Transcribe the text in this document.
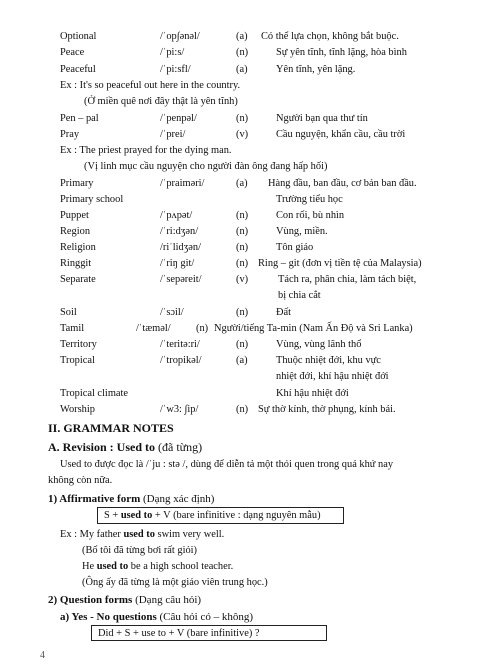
Optional	/ˈop∫ənəl/	(a) Có thể lựa chọn, không bắt buộc.
Peace	/ˈpi:s/	(n)	Sự yên tĩnh, tĩnh lặng, hòa bình
Peaceful	/ˈpi:sfl/	(a)	Yên tĩnh, yên lặng.
Ex : It's so peaceful out here in the country.
(Ở miền quê nơi đây thật là yên tĩnh)
Pen – pal	/ˈpenpəl/	(n)	Người bạn qua thư tín
Pray	/ˈprei/	(v)	Cầu nguyện, khẩn cầu, cầu trời
Ex : The priest prayed for the dying man.
(Vị linh mục cầu nguyện cho người đàn ông đang hấp hối)
Primary	/ˈpraiməri/	(a) Hàng đầu, ban đầu, cơ bản ban đầu.
Primary school	Trường tiểu học
Puppet	/ˈpʌpət/	(n)	Con rối, bù nhìn
Region	/ˈri:dʒən/	(n)	Vùng, miền.
Religion	/riˈlidʒən/	(n)	Tôn giáo
Ringgit	/ˈriŋ git/	(n) Ring – git (đơn vị tiền tệ của Malaysia)
Separate	/ˈsepəreit/	(v)	Tách ra, phân chia, làm tách biệt,
bị chia cắt
Soil	/ˈsɔil/	(n)	Đất
Tamil	/ˈtæməl/ (n) Người/tiếng Ta-min (Nam Ấn Độ và Sri Lanka)
Territory	/ˈteritə:ri/	(n)	Vùng, vùng lãnh thổ
Tropical	/ˈtropikəl/	(a)	Thuộc nhiệt đới, khu vực
nhiệt đới, khí hậu nhiệt đới
Tropical climate	Khí hậu nhiệt đới
Worship	/ˈw3: ∫ip/	(n) Sự thờ kính, thờ phụng, kính bái.
II. GRAMMAR NOTES
A. Revision : Used to (đã từng)
Used to được đọc là /ˈju : stə /, dùng để diễn tả một thói quen trong quá khứ nay
không còn nữa.
1) Affirmative form (Dạng xác định)
S + used to + V (bare infinitive : dạng nguyên mẫu)
Ex : My father used to swim very well.
(Bố tôi đã từng bơi rất giỏi)
He used to be a high school teacher.
(Ông ấy đã từng là một giáo viên trung học.)
2) Question forms (Dạng câu hỏi)
a) Yes - No questions (Câu hỏi có – không)
Did + S + use to + V (bare infinitive) ?
4
